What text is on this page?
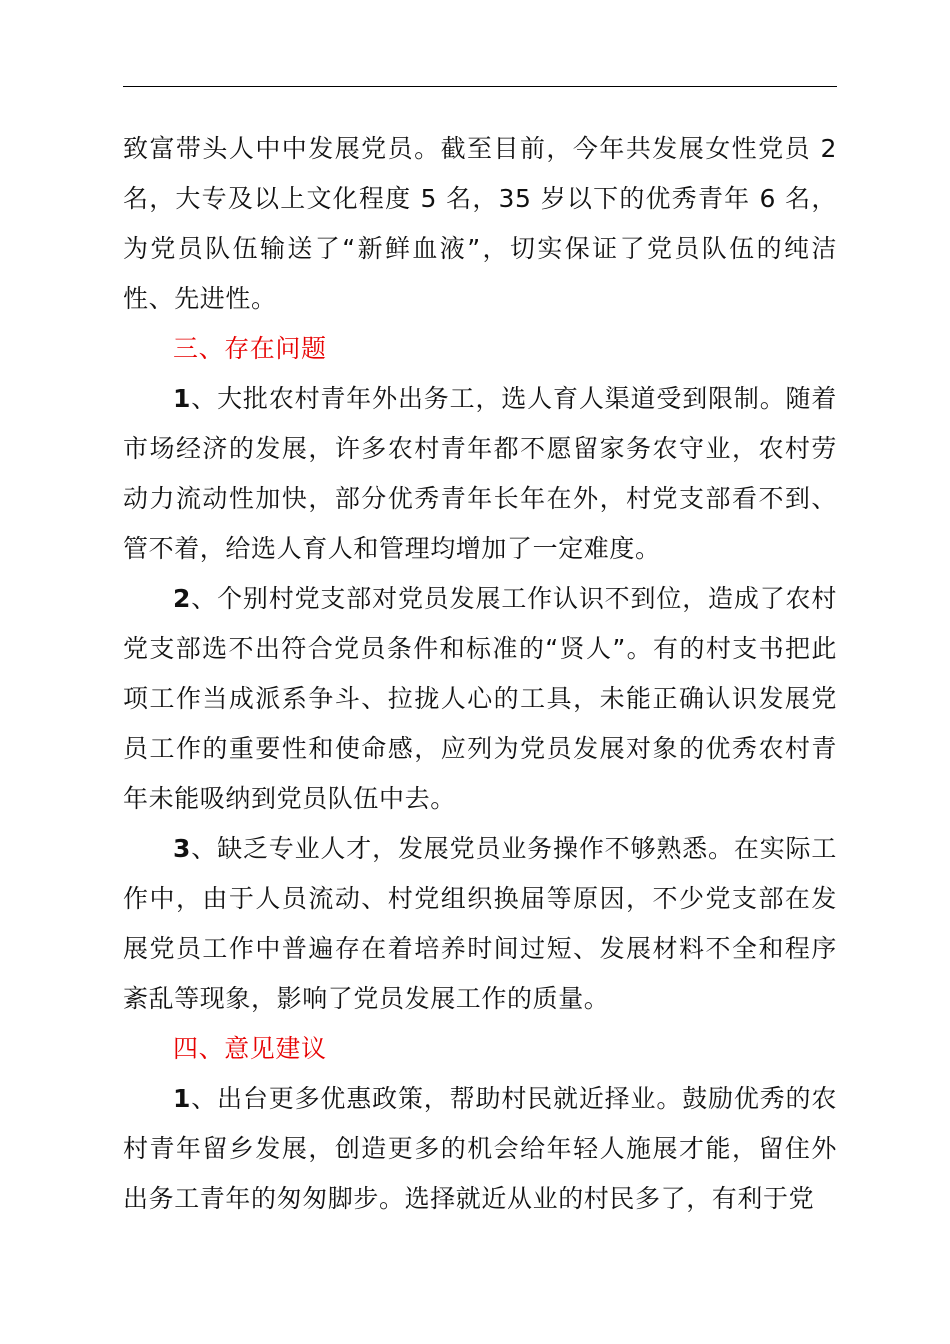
致富带头人中中发展党员。截至目前，今年共发展女性党员 2 名，大专及以上文化程度 5 名，35 岁以下的优秀青年 6 名，为党员队伍输送了“新鲜血液”，切实保证了党员队伍的纯洁性、先进性。

三、存在问题

1、大批农村青年外出务工，选人育人渠道受到限制。随着市场经济的发展，许多农村青年都不愿留家务农守业，农村劳动力流动性加快，部分优秀青年长年在外，村党支部看不到、管不着，给选人育人和管理均增加了一定难度。

2、个别村党支部对党员发展工作认识不到位，造成了农村党支部选不出符合党员条件和标准的“贤人”。有的村支书把此项工作当成派系争斗、拉拢人心的工具，未能正确认识发展党员工作的重要性和使命感，应列为党员发展对象的优秀农村青年未能吸纳到党员队伍中去。

3、缺乏专业人才，发展党员业务操作不够熟悉。在实际工作中，由于人员流动、村党组织换届等原因，不少党支部在发展党员工作中普遍存在着培养时间过短、发展材料不全和程序紊乱等现象，影响了党员发展工作的质量。

四、意见建议

1、出台更多优惠政策，帮助村民就近择业。鼓励优秀的农村青年留乡发展，创造更多的机会给年轻人施展才能，留住外出务工青年的匆匆脚步。选择就近从业的村民多了，有利于党
